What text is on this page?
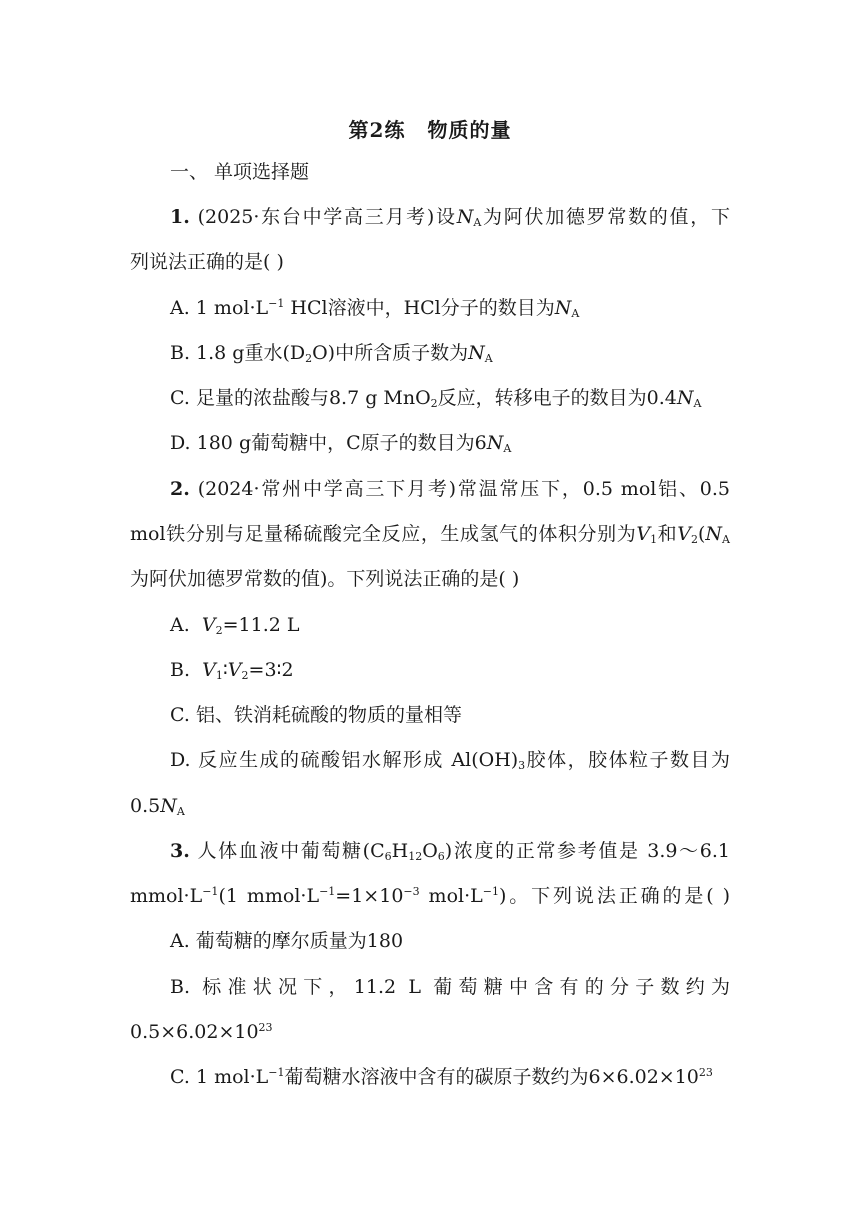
第2练 物质的量
一、 单项选择题
1. (2025·东台中学高三月考)设$N_A$为阿伏加德罗常数的值，下
列说法正确的是( )
A. 1 $mol\cdot L^{-1}$ HCl溶液中，HCl分子的数目为$N_A$
B. 1.8 g重水$(D_2O)$中所含质子数为$N_A$
C. 足量的浓盐酸与8.7 g MnO$_2$反应，转移电子的数目为$0.4N_A$
D. 180 g葡萄糖中，C原子的数目为$6N_A$
2. (2024·常州中学高三下月考)常温常压下，0.5 mol铝、0.5
mol铁分别与足量稀硫酸完全反应，生成氢气的体积分别为$V_1$和$V_2(N_A$
为阿伏加德罗常数的值)。下列说法正确的是( )
A. $V_2=11.2$ L
B. $V_1∶V_2=3∶2$
C. 铝、铁消耗硫酸的物质的量相等
D. 反应生成的硫酸铝水解形成 $Al(OH)_3$胶体，胶体粒子数目为
$0.5N_A$
3. 人体血液中葡萄糖$(C_6H_{12}O_6)$浓度的正常参考值是 3.9～6.1
$mmol\cdot L^{-1}(1$ $mmol\cdot L^{-1}=1\times 10^{-3}$ $mol\cdot L^{-1}$)。下列说法正确的是( )
A. 葡萄糖的摩尔质量为180
B. 标准状况下，11.2 L 葡萄糖中含有的分子数约为
$0.5\times 6.02\times 10^{23}$
C. 1 $mol\cdot L^{-1}$葡萄糖水溶液中含有的碳原子数约为$6\times 6.02\times 10^{23}$
